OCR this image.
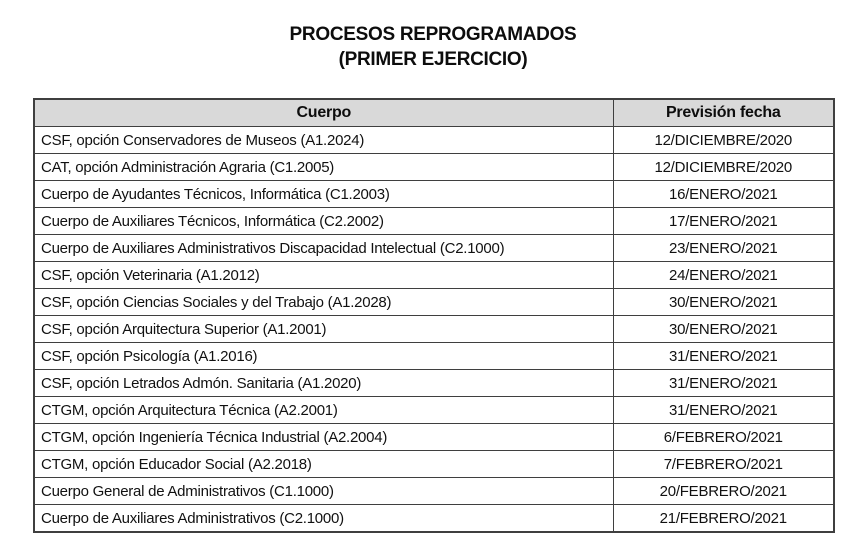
PROCESOS REPROGRAMADOS
(PRIMER EJERCICIO)
Cuerpo	Previsión fecha
CSF, opción Conservadores de Museos (A1.2024)	12/DICIEMBRE/2020
CAT, opción Administración Agraria (C1.2005)	12/DICIEMBRE/2020
Cuerpo de Ayudantes Técnicos, Informática (C1.2003)	16/ENERO/2021
Cuerpo de Auxiliares Técnicos, Informática (C2.2002)	17/ENERO/2021
Cuerpo de Auxiliares Administrativos Discapacidad Intelectual (C2.1000)	23/ENERO/2021
CSF, opción Veterinaria (A1.2012)	24/ENERO/2021
CSF, opción Ciencias Sociales y del Trabajo (A1.2028)	30/ENERO/2021
CSF, opción Arquitectura Superior (A1.2001)	30/ENERO/2021
CSF, opción Psicología (A1.2016)	31/ENERO/2021
CSF, opción Letrados Admón. Sanitaria (A1.2020)	31/ENERO/2021
CTGM, opción Arquitectura Técnica (A2.2001)	31/ENERO/2021
CTGM, opción Ingeniería Técnica Industrial (A2.2004)	6/FEBRERO/2021
CTGM, opción Educador Social (A2.2018)	7/FEBRERO/2021
Cuerpo General de Administrativos (C1.1000)	20/FEBRERO/2021
Cuerpo de Auxiliares Administrativos (C2.1000)	21/FEBRERO/2021
